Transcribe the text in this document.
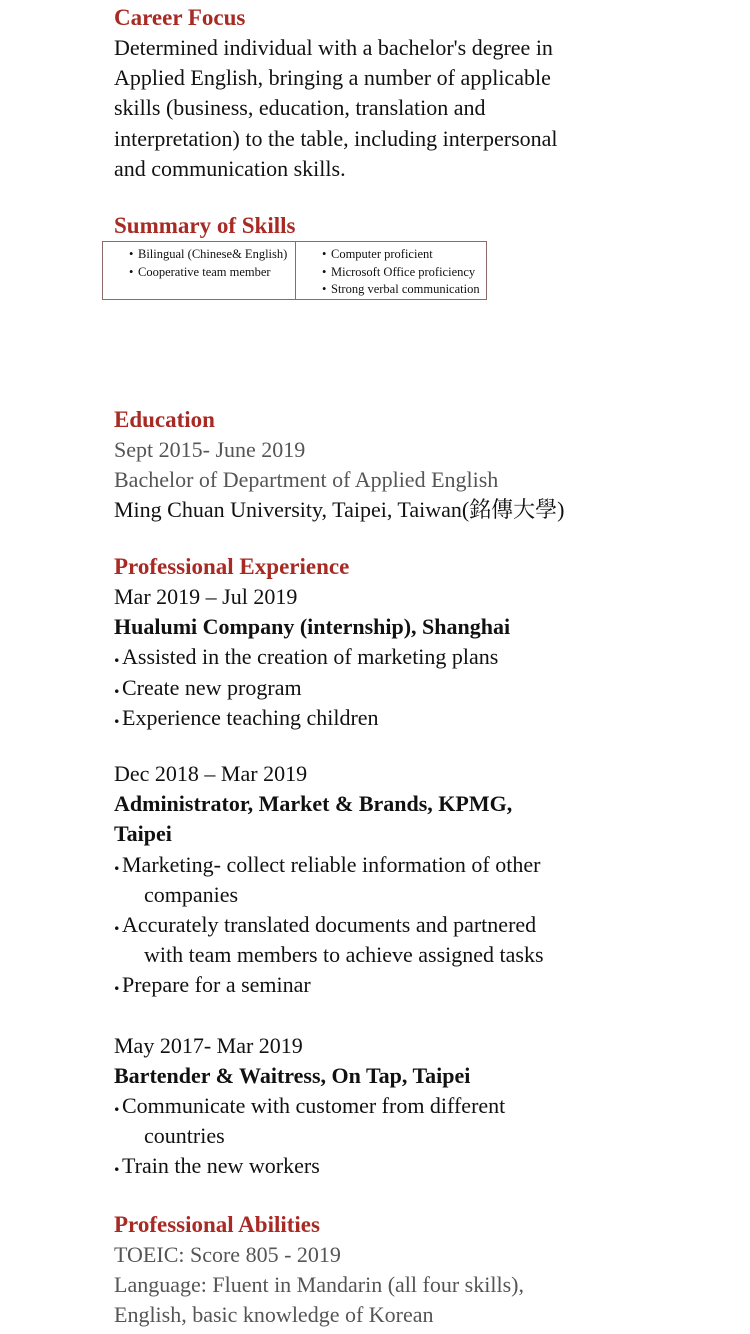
Career Focus
Determined individual with a bachelor's degree in
Applied English, bringing a number of applicable
skills (business, education, translation and
interpretation) to the table, including interpersonal
and communication skills.
Summary of Skills
• Bilingual (Chinese& English)
• Cooperative team member
• Computer proficient
• Microsoft Office proficiency
• Strong verbal communication
Education
Sept 2015- June 2019
Bachelor of Department of Applied English
Ming Chuan University, Taipei, Taiwan(銘傳大學)
Professional Experience
Mar 2019 – Jul 2019
Hualumi Company (internship), Shanghai
. Assisted in the creation of marketing plans
. Create new program
. Experience teaching children
Dec 2018 – Mar 2019
Administrator, Market & Brands, KPMG,
Taipei
. Marketing- collect reliable information of other
companies
. Accurately translated documents and partnered
with team members to achieve assigned tasks
. Prepare for a seminar
May 2017- Mar 2019
Bartender & Waitress, On Tap, Taipei
. Communicate with customer from different
countries
. Train the new workers
Professional Abilities
TOEIC: Score 805 - 2019
Language: Fluent in Mandarin (all four skills),
English, basic knowledge of Korean
